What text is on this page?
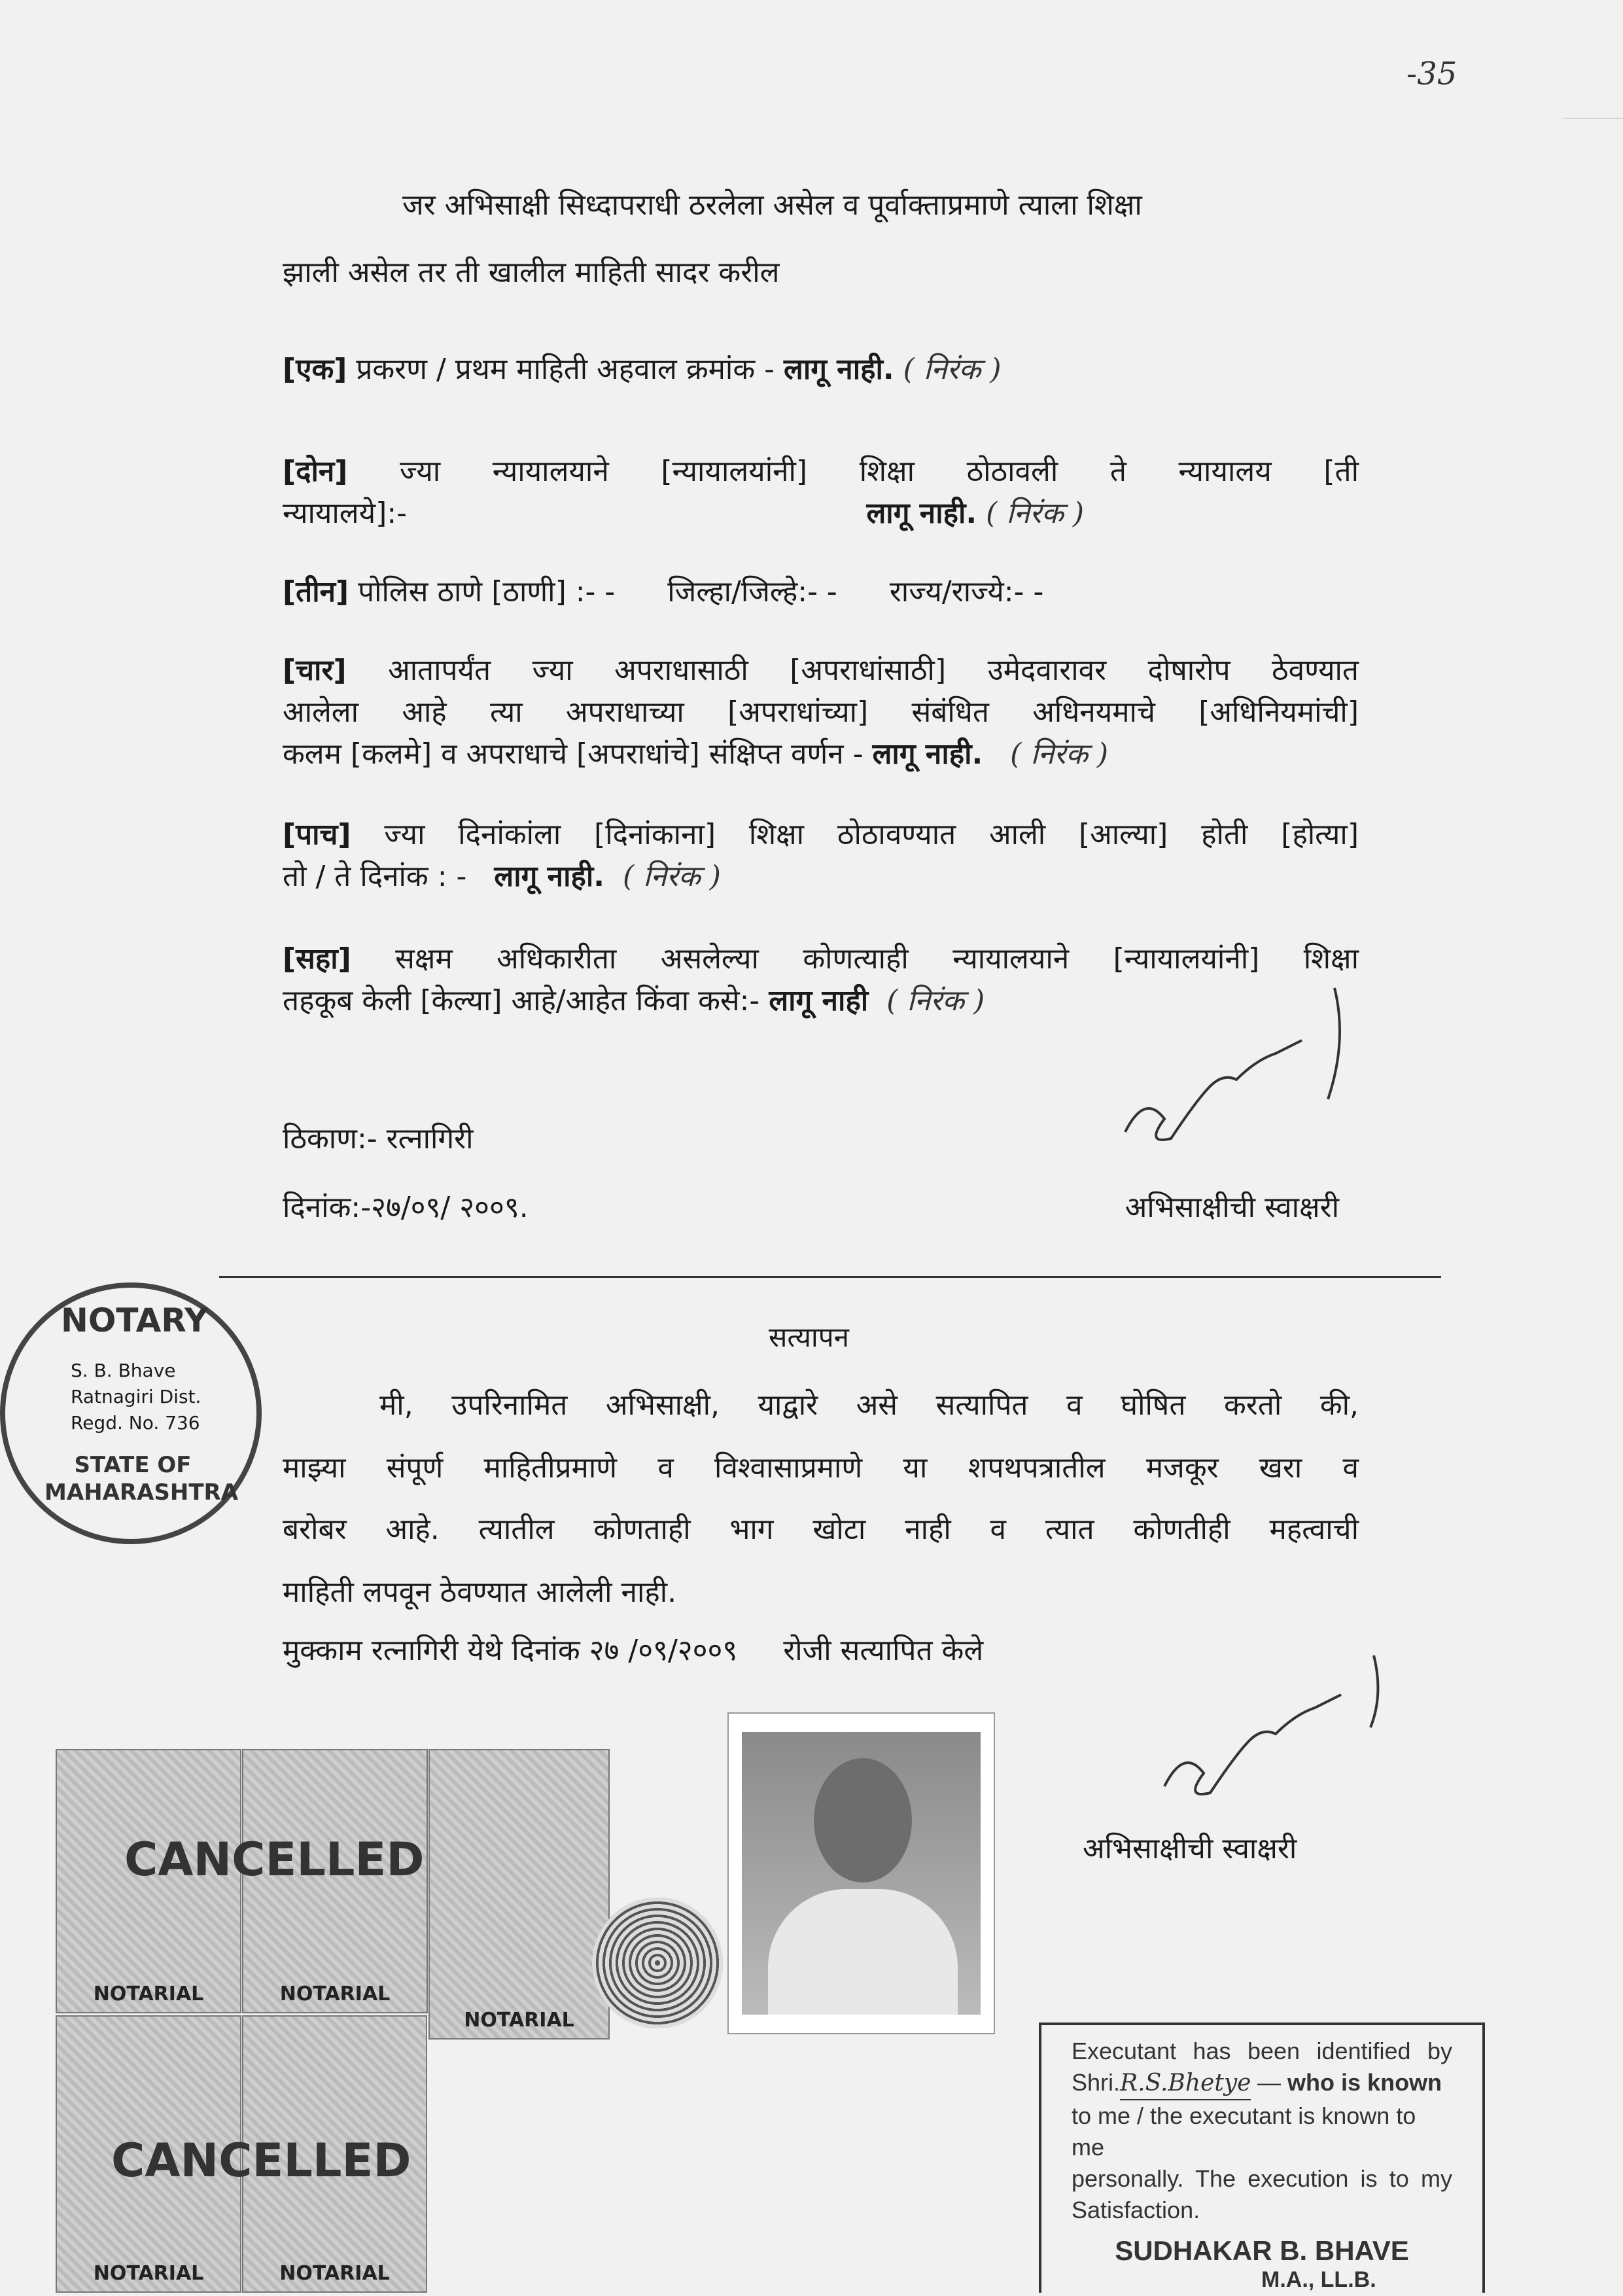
-35
जर अभिसाक्षी सिध्दापराधी ठरलेला असेल व पूर्वाक्ताप्रमाणे त्याला शिक्षा
झाली असेल तर ती खालील माहिती सादर करील
[एक] प्रकरण / प्रथम माहिती अहवाल क्रमांक - लागू नाही. ( निरंक )
[दोन] ज्या न्यायालयाने [न्यायालयांनी] शिक्षा ठोठावली ते न्यायालय [ती
न्यायालये]:-	लागू नाही. ( निरंक )
[तीन] पोलिस ठाणे [ठाणी] :- - जिल्हा/जिल्हे:- - राज्य/राज्ये:- -
[चार] आतापर्यंत ज्या अपराधासाठी [अपराधांसाठी] उमेदवारावर दोषारोप ठेवण्यात
आलेला आहे त्या अपराधाच्या [अपराधांच्या] संबंधित अधिनयमाचे [अधिनियमांची]
कलम [कलमे] व अपराधाचे [अपराधांचे] संक्षिप्त वर्णन - लागू नाही. ( निरंक )
[पाच] ज्या दिनांकांला [दिनांकाना] शिक्षा ठोठावण्यात आली [आल्या] होती [होत्या]
तो / ते दिनांक : - लागू नाही. ( निरंक )
[सहा] सक्षम अधिकारीता असलेल्या कोणत्याही न्यायालयाने [न्यायालयांनी] शिक्षा
तहकूब केली [केल्या] आहे/आहेत किंवा कसे:- लागू नाही ( निरंक )
ठिकाण:- रत्नागिरी
दिनांक:-२७/०९/ २००९.	अभिसाक्षीची स्वाक्षरी
सत्यापन
मी, उपरिनामित अभिसाक्षी, याद्वारे असे सत्यापित व घोषित करतो की,
माझ्या संपूर्ण माहितीप्रमाणे व विश्वासाप्रमाणे या शपथपत्रातील मजकूर खरा व
बरोबर आहे. त्यातील कोणताही भाग खोटा नाही व त्यात कोणतीही महत्वाची
माहिती लपवून ठेवण्यात आलेली नाही.
मुक्काम रत्नागिरी येथे दिनांक २७ /०९/२००९     रोजी सत्यापित केले
NOTARY
S. B. Bhave
Ratnagiri Dist.
Regd. No. 736
STATE OF MAHARASHTRA
NOTARIAL	NOTARIAL
NOTARIAL
NOTARIAL	NOTARIAL
CANCELLED
CANCELLED
अभिसाक्षीची स्वाक्षरी
Executant has been identified by
Shri.R.S.Bhetye — who is known
to me / the executant is known to me
personally. The execution is to my
Satisfaction.
SUDHAKAR B. BHAVE
M.A., LL.B.
